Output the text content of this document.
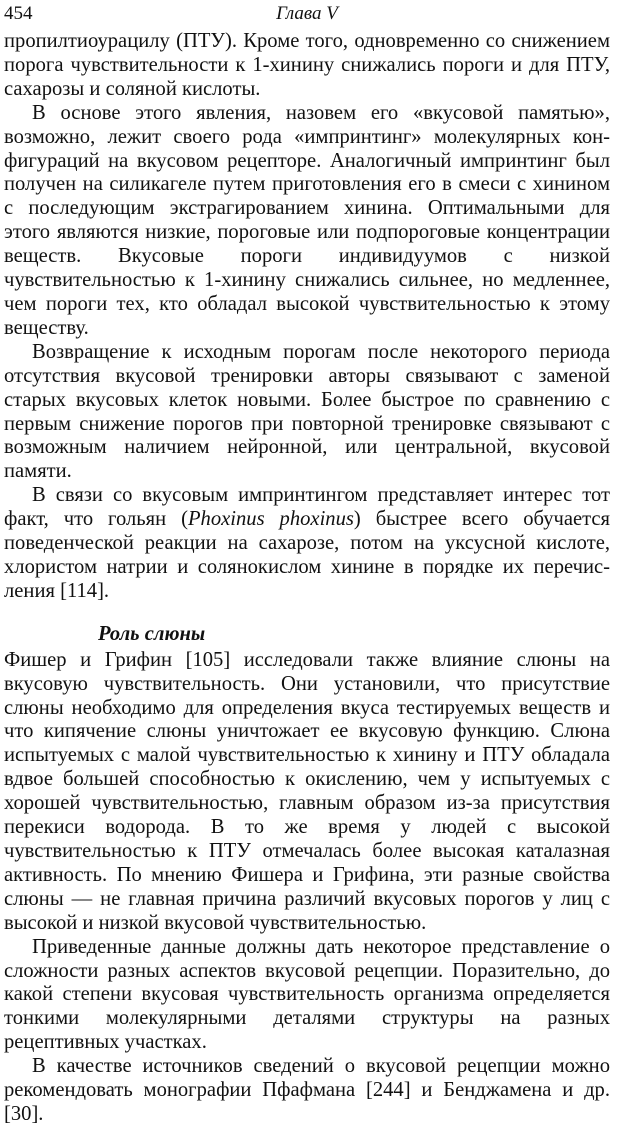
454	Глава V

пропилтиоурацилу (ПТУ). Кроме того, одновременно со снижением порога чувствительности к 1-хинину снижались пороги и для ПТУ, сахарозы и соляной кислоты.

В основе этого явления, назовем его «вкусовой памятью», возможно, лежит своего рода «импринтинг» молекулярных конфигураций на вкусовом рецепторе. Аналогичный импринтинг был получен на силикагеле путем приготовления его в смеси с хинином с последующим экстрагированием хинина. Оптимальными для этого являются низкие, пороговые или подпороговые концентрации веществ. Вкусовые пороги индивидуумов с низкой чувствительностью к 1-хинину снижались сильнее, но медленнее, чем пороги тех, кто обладал высокой чувствительностью к этому веществу.

Возвращение к исходным порогам после некоторого периода отсутствия вкусовой тренировки авторы связывают с заменой старых вкусовых клеток новыми. Более быстрое по сравнению с первым снижение порогов при повторной тренировке связывают с возможным наличием нейронной, или центральной, вкусовой памяти.

В связи со вкусовым импринтингом представляет интерес тот факт, что гольян (Phoxinus phoxinus) быстрее всего обучается поведенческой реакции на сахарозе, потом на уксусной кислоте, хлористом натрии и солянокислом хинине в порядке их перечисления [114].

Роль слюны

Фишер и Грифин [105] исследовали также влияние слюны на вкусовую чувствительность. Они установили, что присутствие слюны необходимо для определения вкуса тестируемых веществ и что кипячение слюны уничтожает ее вкусовую функцию. Слюна испытуемых с малой чувствительностью к хинину и ПТУ обладала вдвое большей способностью к окислению, чем у испытуемых с хорошей чувствительностью, главным образом из-за присутствия перекиси водорода. В то же время у людей с высокой чувствительностью к ПТУ отмечалась более высокая каталазная активность. По мнению Фишера и Грифина, эти разные свойства слюны — не главная причина различий вкусовых порогов у лиц с высокой и низкой вкусовой чувствительностью.

Приведенные данные должны дать некоторое представление о сложности разных аспектов вкусовой рецепции. Поразительно, до какой степени вкусовая чувствительность организма определяется тонкими молекулярными деталями структуры на разных рецептивных участках.

В качестве источников сведений о вкусовой рецепции можно рекомендовать монографии Пфафмана [244] и Бенджамена и др. [30].
